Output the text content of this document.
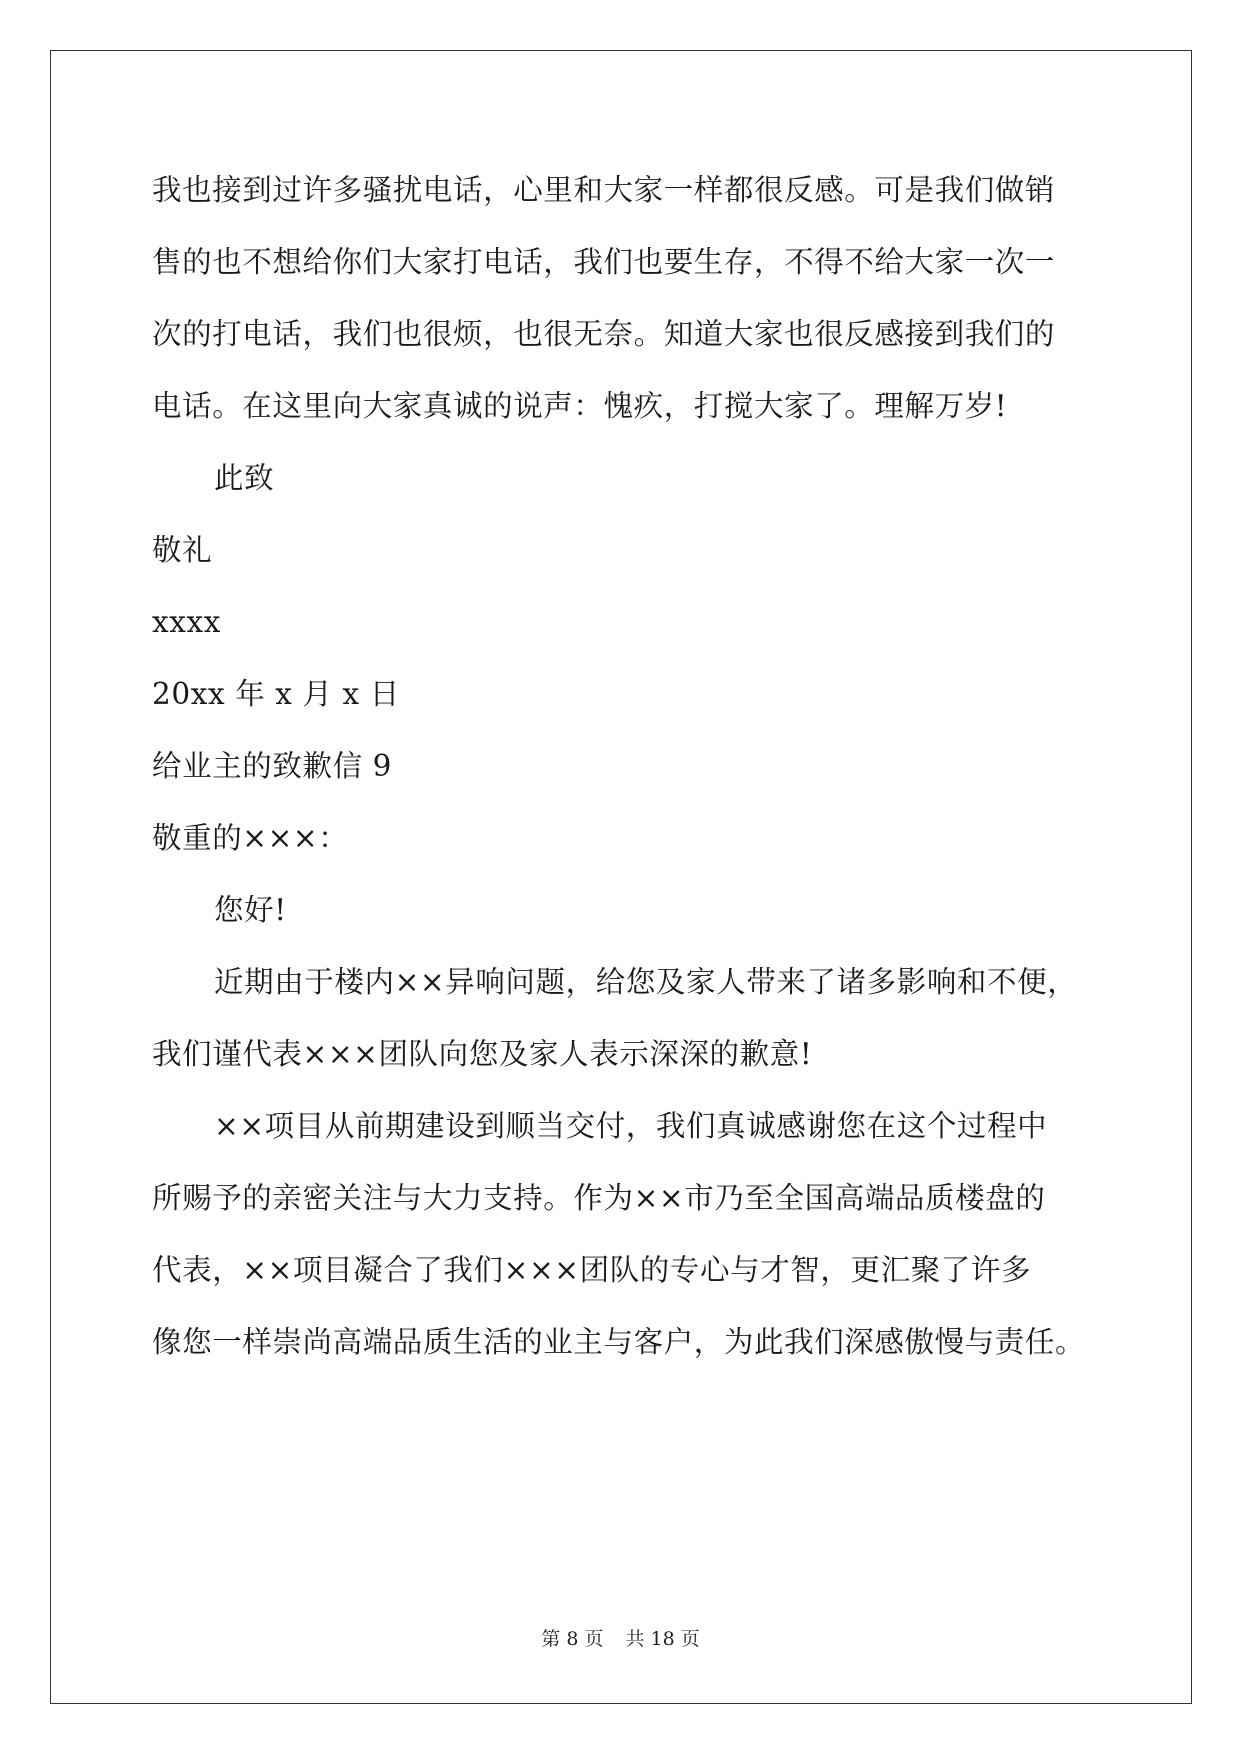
我也接到过许多骚扰电话，心里和大家一样都很反感。可是我们做销
售的也不想给你们大家打电话，我们也要生存，不得不给大家一次一
次的打电话，我们也很烦，也很无奈。知道大家也很反感接到我们的
电话。在这里向大家真诚的说声：愧疚，打搅大家了。理解万岁!
此致
敬礼
xxxx
20xx 年 x 月 x 日
给业主的致歉信 9
敬重的×××：
您好!
近期由于楼内××异响问题，给您及家人带来了诸多影响和不便，
我们谨代表×××团队向您及家人表示深深的歉意!
××项目从前期建设到顺当交付，我们真诚感谢您在这个过程中
所赐予的亲密关注与大力支持。作为××市乃至全国高端品质楼盘的
代表，××项目凝合了我们×××团队的专心与才智，更汇聚了许多
像您一样崇尚高端品质生活的业主与客户，为此我们深感傲慢与责任。
第 8 页 共 18 页
